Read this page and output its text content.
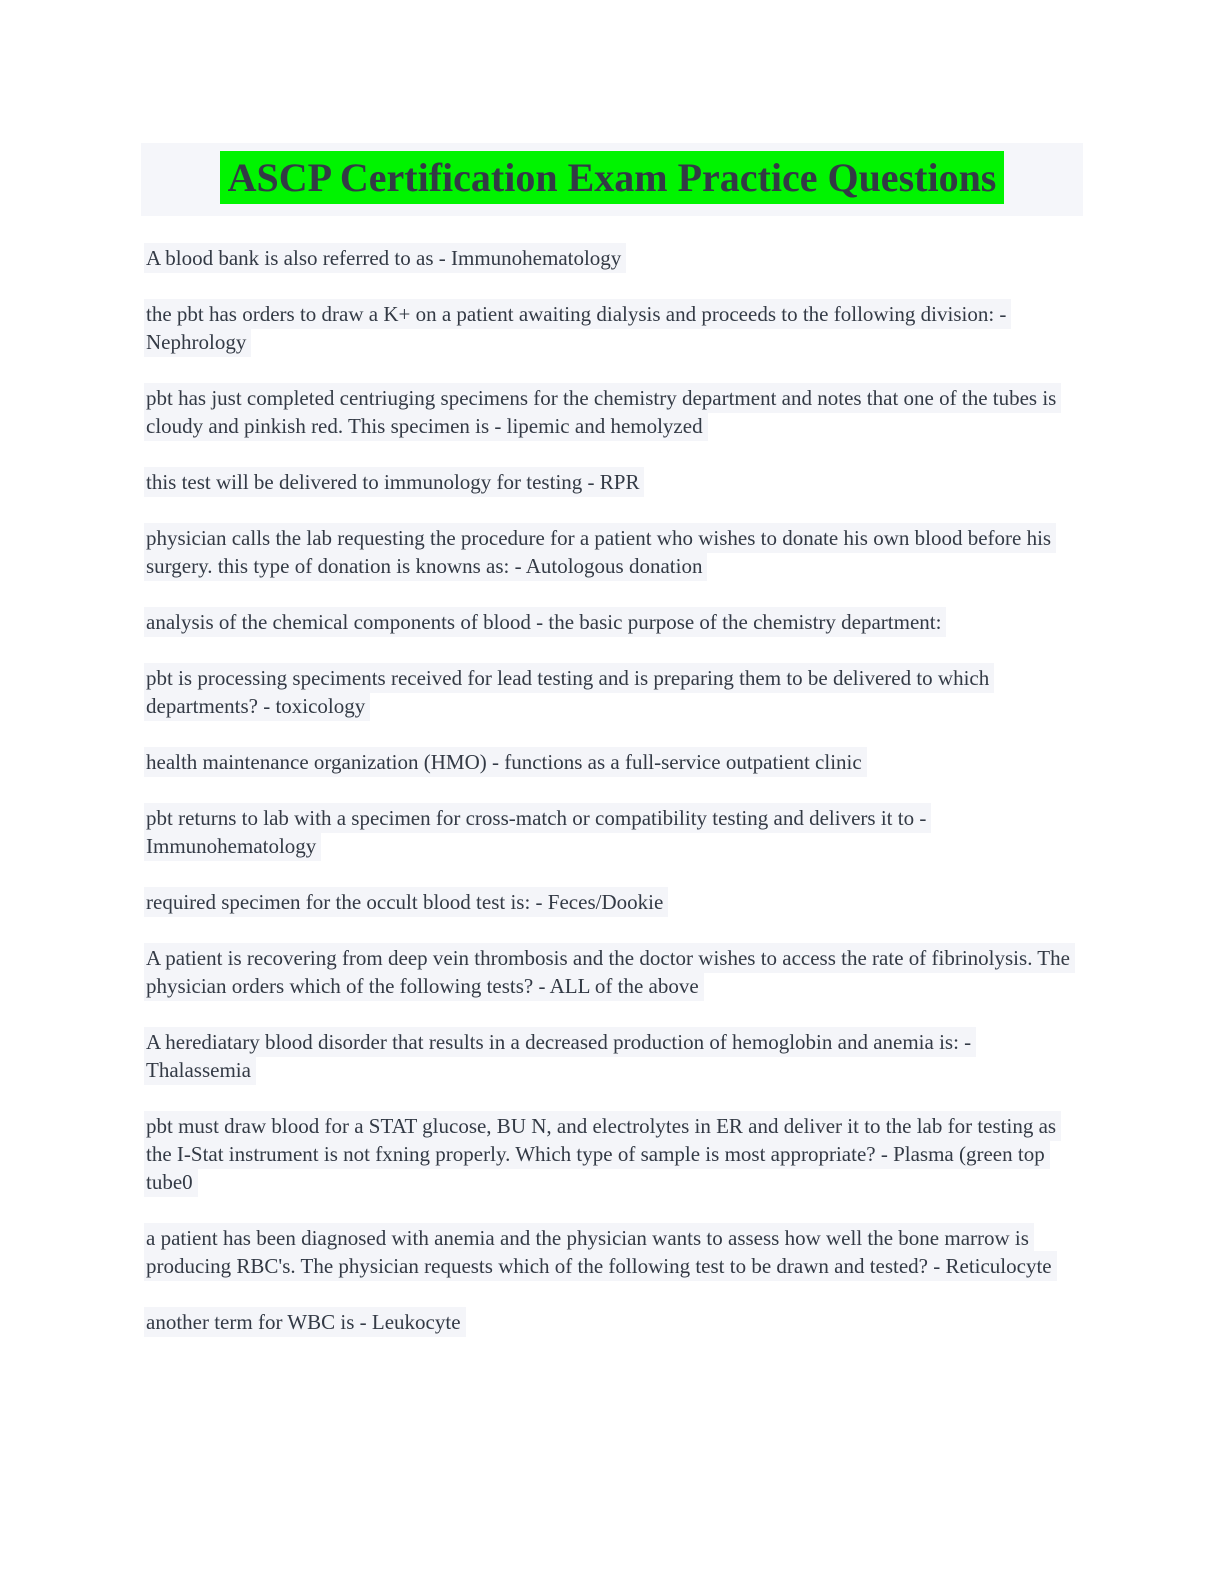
ASCP Certification Exam Practice Questions

A blood bank is also referred to as - Immunohematology

the pbt has orders to draw a K+ on a patient awaiting dialysis and proceeds to the following division: - Nephrology

pbt has just completed centriuging specimens for the chemistry department and notes that one of the tubes is cloudy and pinkish red. This specimen is - lipemic and hemolyzed

this test will be delivered to immunology for testing - RPR

physician calls the lab requesting the procedure for a patient who wishes to donate his own blood before his surgery. this type of donation is knowns as: - Autologous donation

analysis of the chemical components of blood - the basic purpose of the chemistry department:

pbt is processing speciments received for lead testing and is preparing them to be delivered to which departments? - toxicology

health maintenance organization (HMO) - functions as a full-service outpatient clinic

pbt returns to lab with a specimen for cross-match or compatibility testing and delivers it to - Immunohematology

required specimen for the occult blood test is: - Feces/Dookie

A patient is recovering from deep vein thrombosis and the doctor wishes to access the rate of fibrinolysis. The physician orders which of the following tests? - ALL of the above

A herediatary blood disorder that results in a decreased production of hemoglobin and anemia is: - Thalassemia

pbt must draw blood for a STAT glucose, BU N, and electrolytes in ER and deliver it to the lab for testing as the I-Stat instrument is not fxning properly. Which type of sample is most appropriate? - Plasma (green top tube0

a patient has been diagnosed with anemia and the physician wants to assess how well the bone marrow is producing RBC's. The physician requests which of the following test to be drawn and tested? - Reticulocyte

another term for WBC is - Leukocyte
